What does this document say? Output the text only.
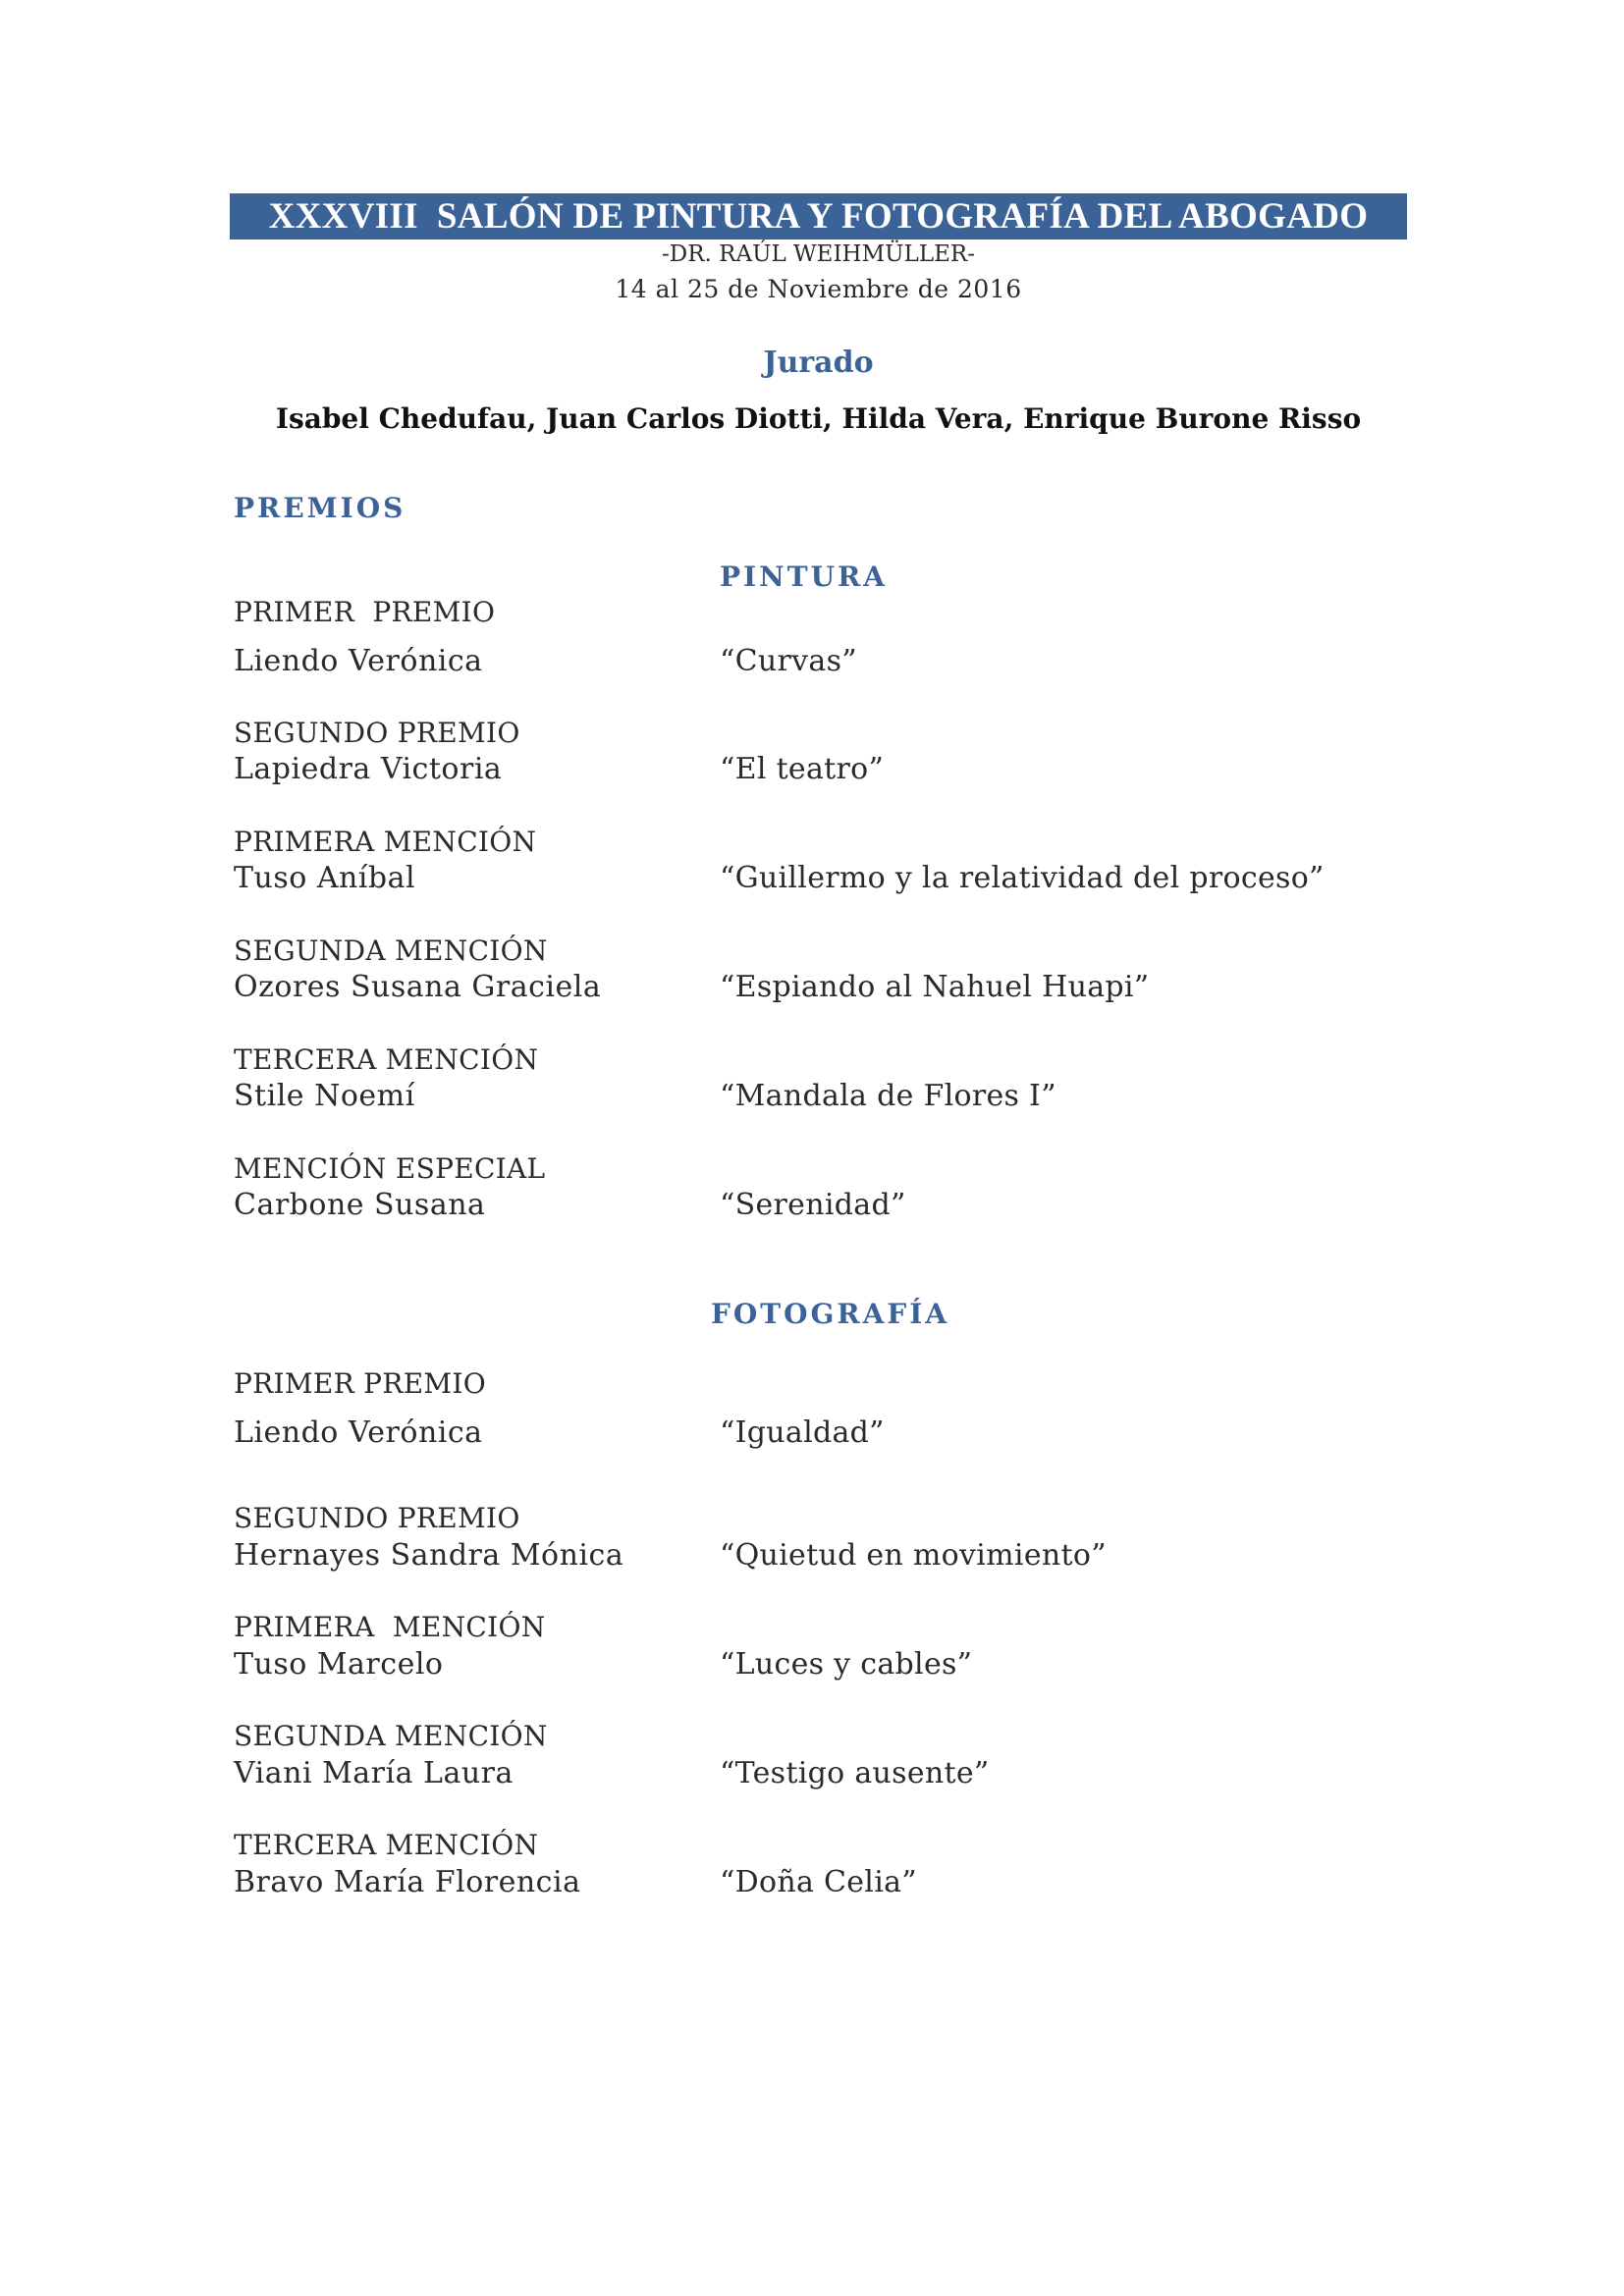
XXXVIII  SALÓN DE PINTURA Y FOTOGRAFÍA DEL ABOGADO
-DR. RAÚL WEIHMÜLLER-
14 al 25 de Noviembre de 2016
Jurado
Isabel Chedufau, Juan Carlos Diotti, Hilda Vera, Enrique Burone Risso
PREMIOS
PINTURA
PRIMER  PREMIO
Liendo Verónica	“Curvas”
SEGUNDO PREMIO
Lapiedra Victoria	“El teatro”
PRIMERA MENCIÓN
Tuso Aníbal	“Guillermo y la relatividad del proceso”
SEGUNDA MENCIÓN
Ozores Susana Graciela	“Espiando al Nahuel Huapi”
TERCERA MENCIÓN
Stile Noemí	“Mandala de Flores I”
MENCIÓN ESPECIAL
Carbone Susana	“Serenidad”
FOTOGRAFÍA
PRIMER PREMIO
Liendo Verónica	“Igualdad”
SEGUNDO PREMIO
Hernayes Sandra Mónica	“Quietud en movimiento”
PRIMERA  MENCIÓN
Tuso Marcelo	“Luces y cables”
SEGUNDA MENCIÓN
Viani María Laura	“Testigo ausente”
TERCERA MENCIÓN
Bravo María Florencia	“Doña Celia”
